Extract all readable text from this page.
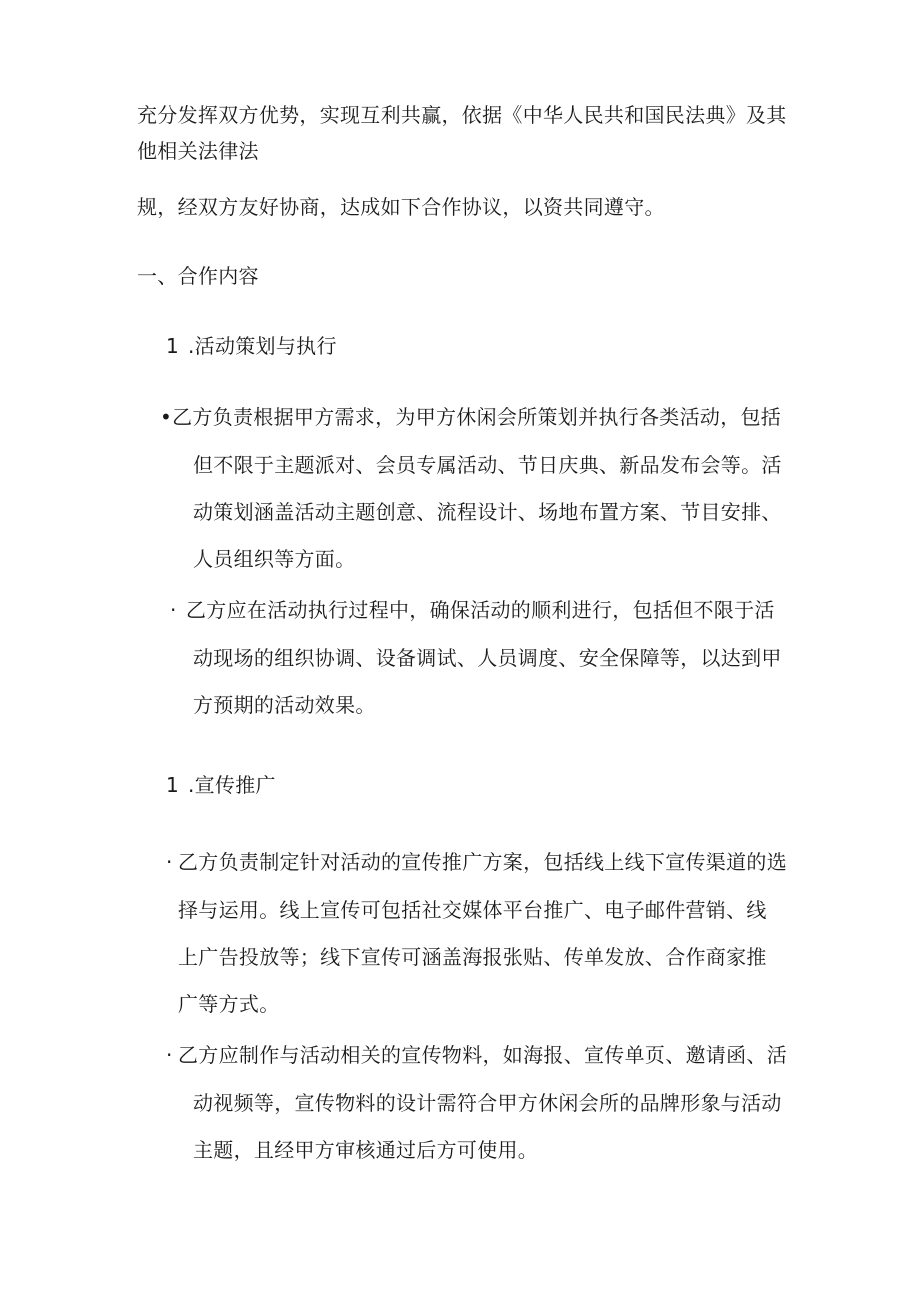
充分发挥双方优势，实现互利共赢，依据《中华人民共和国民法典》及其
他相关法律法
规，经双方友好协商，达成如下合作协议，以资共同遵守。
一、合作内容
1 .活动策划与执行
•乙方负责根据甲方需求，为甲方休闲会所策划并执行各类活动，包括
但不限于主题派对、会员专属活动、节日庆典、新品发布会等。活
动策划涵盖活动主题创意、流程设计、场地布置方案、节目安排、
人员组织等方面。
· 乙方应在活动执行过程中，确保活动的顺利进行，包括但不限于活
动现场的组织协调、设备调试、人员调度、安全保障等，以达到甲
方预期的活动效果。
1 .宣传推广
· 乙方负责制定针对活动的宣传推广方案，包括线上线下宣传渠道的选
择与运用。线上宣传可包括社交媒体平台推广、电子邮件营销、线
上广告投放等；线下宣传可涵盖海报张贴、传单发放、合作商家推
广等方式。
· 乙方应制作与活动相关的宣传物料，如海报、宣传单页、邀请函、活
动视频等，宣传物料的设计需符合甲方休闲会所的品牌形象与活动
主题，且经甲方审核通过后方可使用。
